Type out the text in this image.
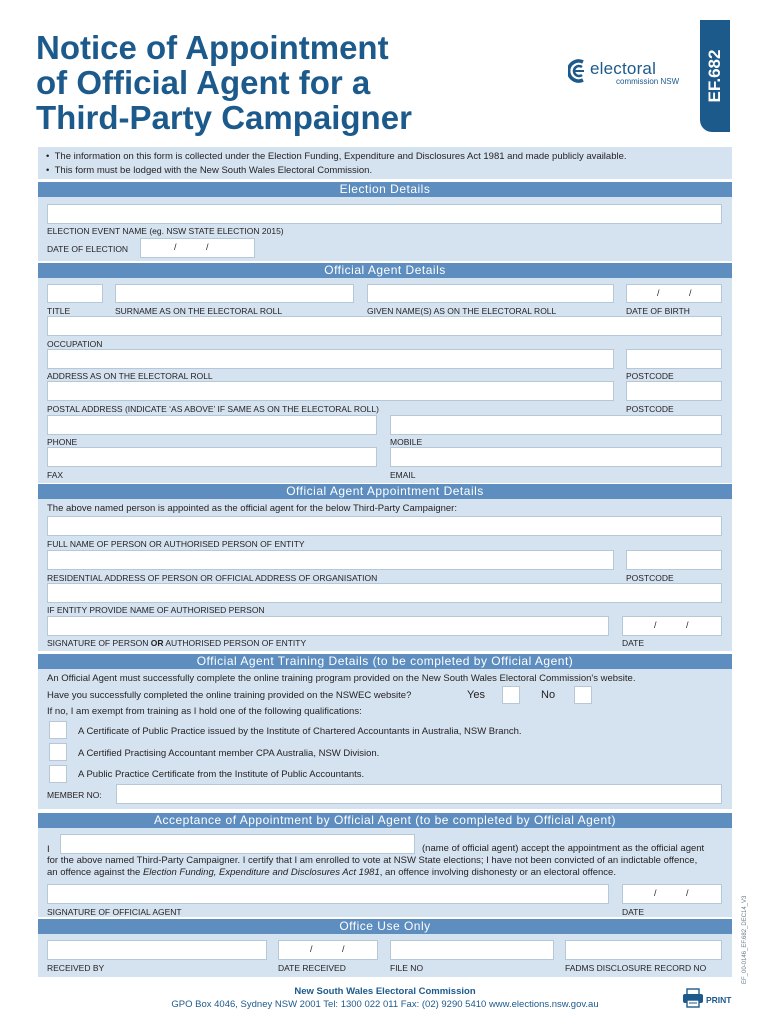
Notice of Appointment
of Official Agent for a
Third-Party Campaigner
electoral
commission NSW EF.682
•  The information on this form is collected under the Election Funding, Expenditure and Disclosures Act 1981 and made publicly available.
•  This form must be lodged with the New South Wales Electoral Commission.
Election Details
ELECTION EVENT NAME (eg. NSW STATE ELECTION 2015)
DATE OF ELECTION	/	/
Official Agent Details
/	/
TITLE	SURNAME AS ON THE ELECTORAL ROLL	GIVEN NAME(S) AS ON THE ELECTORAL ROLL	DATE OF BIRTH
OCCUPATION
ADDRESS AS ON THE ELECTORAL ROLL	POSTCODE
POSTAL ADDRESS (INDICATE ‘AS ABOVE’ IF SAME AS ON THE ELECTORAL ROLL)	POSTCODE
PHONE	MOBILE
FAX	EMAIL
Official Agent Appointment Details
The above named person is appointed as the official agent for the below Third-Party Campaigner:
FULL NAME OF PERSON OR AUTHORISED PERSON OF ENTITY
RESIDENTIAL ADDRESS OF PERSON OR OFFICIAL ADDRESS OF ORGANISATION	POSTCODE
IF ENTITY PROVIDE NAME OF AUTHORISED PERSON
/	/
SIGNATURE OF PERSON OR AUTHORISED PERSON OF ENTITY	DATE
Official Agent Training Details (to be completed by Official Agent)
An Official Agent must successfully complete the online training program provided on the New South Wales Electoral Commission's website.
Have you successfully completed the online training provided on the NSWEC website?	Yes	No
If no, I am exempt from training as I hold one of the following qualifications:
A Certificate of Public Practice issued by the Institute of Chartered Accountants in Australia, NSW Branch.
A Certified Practising Accountant member CPA Australia, NSW Division.
A Public Practice Certificate from the Institute of Public Accountants.
MEMBER NO:
Acceptance of Appointment by Official Agent (to be completed by Official Agent)
I	(name of official agent) accept the appointment as the official agent
for the above named Third-Party Campaigner. I certify that I am enrolled to vote at NSW State elections; I have not been convicted of an indictable offence,
an offence against the Election Funding, Expenditure and Disclosures Act 1981, an offence involving dishonesty or an electoral offence.
/	/
SIGNATURE OF OFFICIAL AGENT	DATE
Office Use Only
/	/
RECEIVED BY	DATE RECEIVED	FILE NO	FADMS DISCLOSURE RECORD NO
New South Wales Electoral Commission
GPO Box 4046, Sydney NSW 2001 Tel: 1300 022 011 Fax: (02) 9290 5410 www.elections.nsw.gov.au	PRINT
EF_00-0146_EF.682_DEC14_V3
